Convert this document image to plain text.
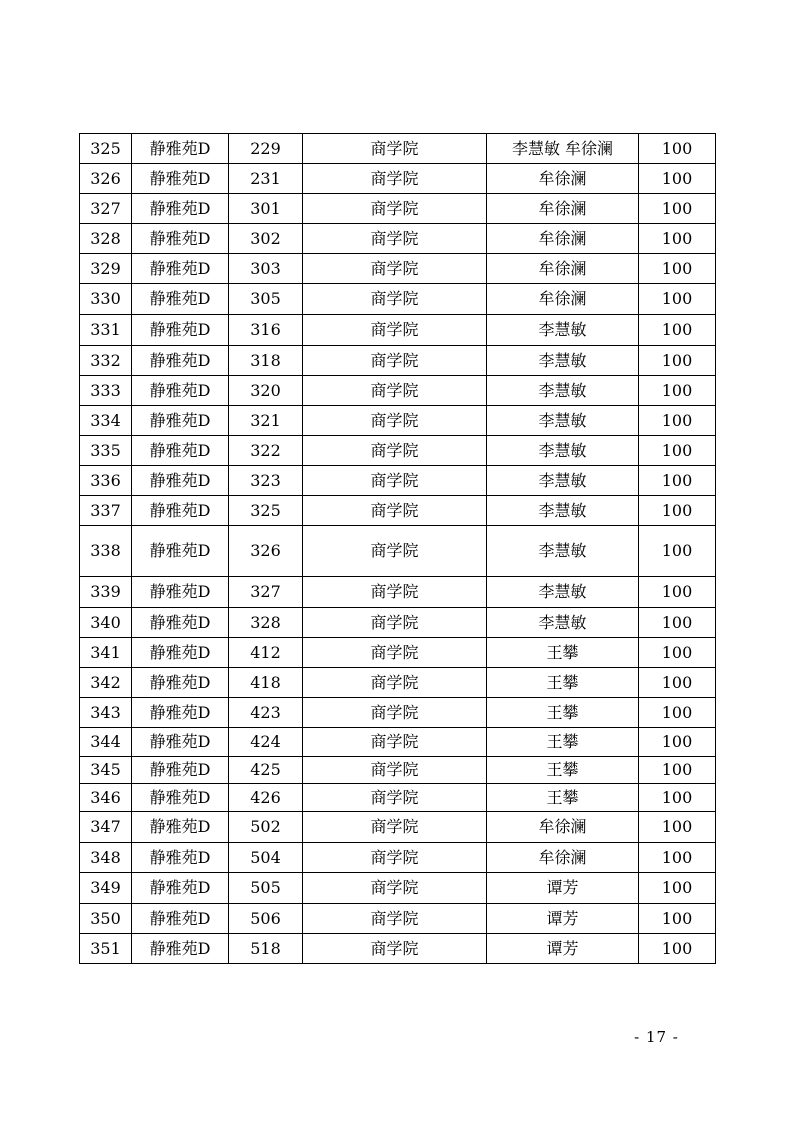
325	静雅苑D	229	商学院	李慧敏 牟徐澜	100
326	静雅苑D	231	商学院	牟徐澜	100
327	静雅苑D	301	商学院	牟徐澜	100
328	静雅苑D	302	商学院	牟徐澜	100
329	静雅苑D	303	商学院	牟徐澜	100
330	静雅苑D	305	商学院	牟徐澜	100
331	静雅苑D	316	商学院	李慧敏	100
332	静雅苑D	318	商学院	李慧敏	100
333	静雅苑D	320	商学院	李慧敏	100
334	静雅苑D	321	商学院	李慧敏	100
335	静雅苑D	322	商学院	李慧敏	100
336	静雅苑D	323	商学院	李慧敏	100
337	静雅苑D	325	商学院	李慧敏	100
338	静雅苑D	326	商学院	李慧敏	100
339	静雅苑D	327	商学院	李慧敏	100
340	静雅苑D	328	商学院	李慧敏	100
341	静雅苑D	412	商学院	王攀	100
342	静雅苑D	418	商学院	王攀	100
343	静雅苑D	423	商学院	王攀	100
344	静雅苑D	424	商学院	王攀	100
345	静雅苑D	425	商学院	王攀	100
346	静雅苑D	426	商学院	王攀	100
347	静雅苑D	502	商学院	牟徐澜	100
348	静雅苑D	504	商学院	牟徐澜	100
349	静雅苑D	505	商学院	谭芳	100
350	静雅苑D	506	商学院	谭芳	100
351	静雅苑D	518	商学院	谭芳	100
- 17 -
